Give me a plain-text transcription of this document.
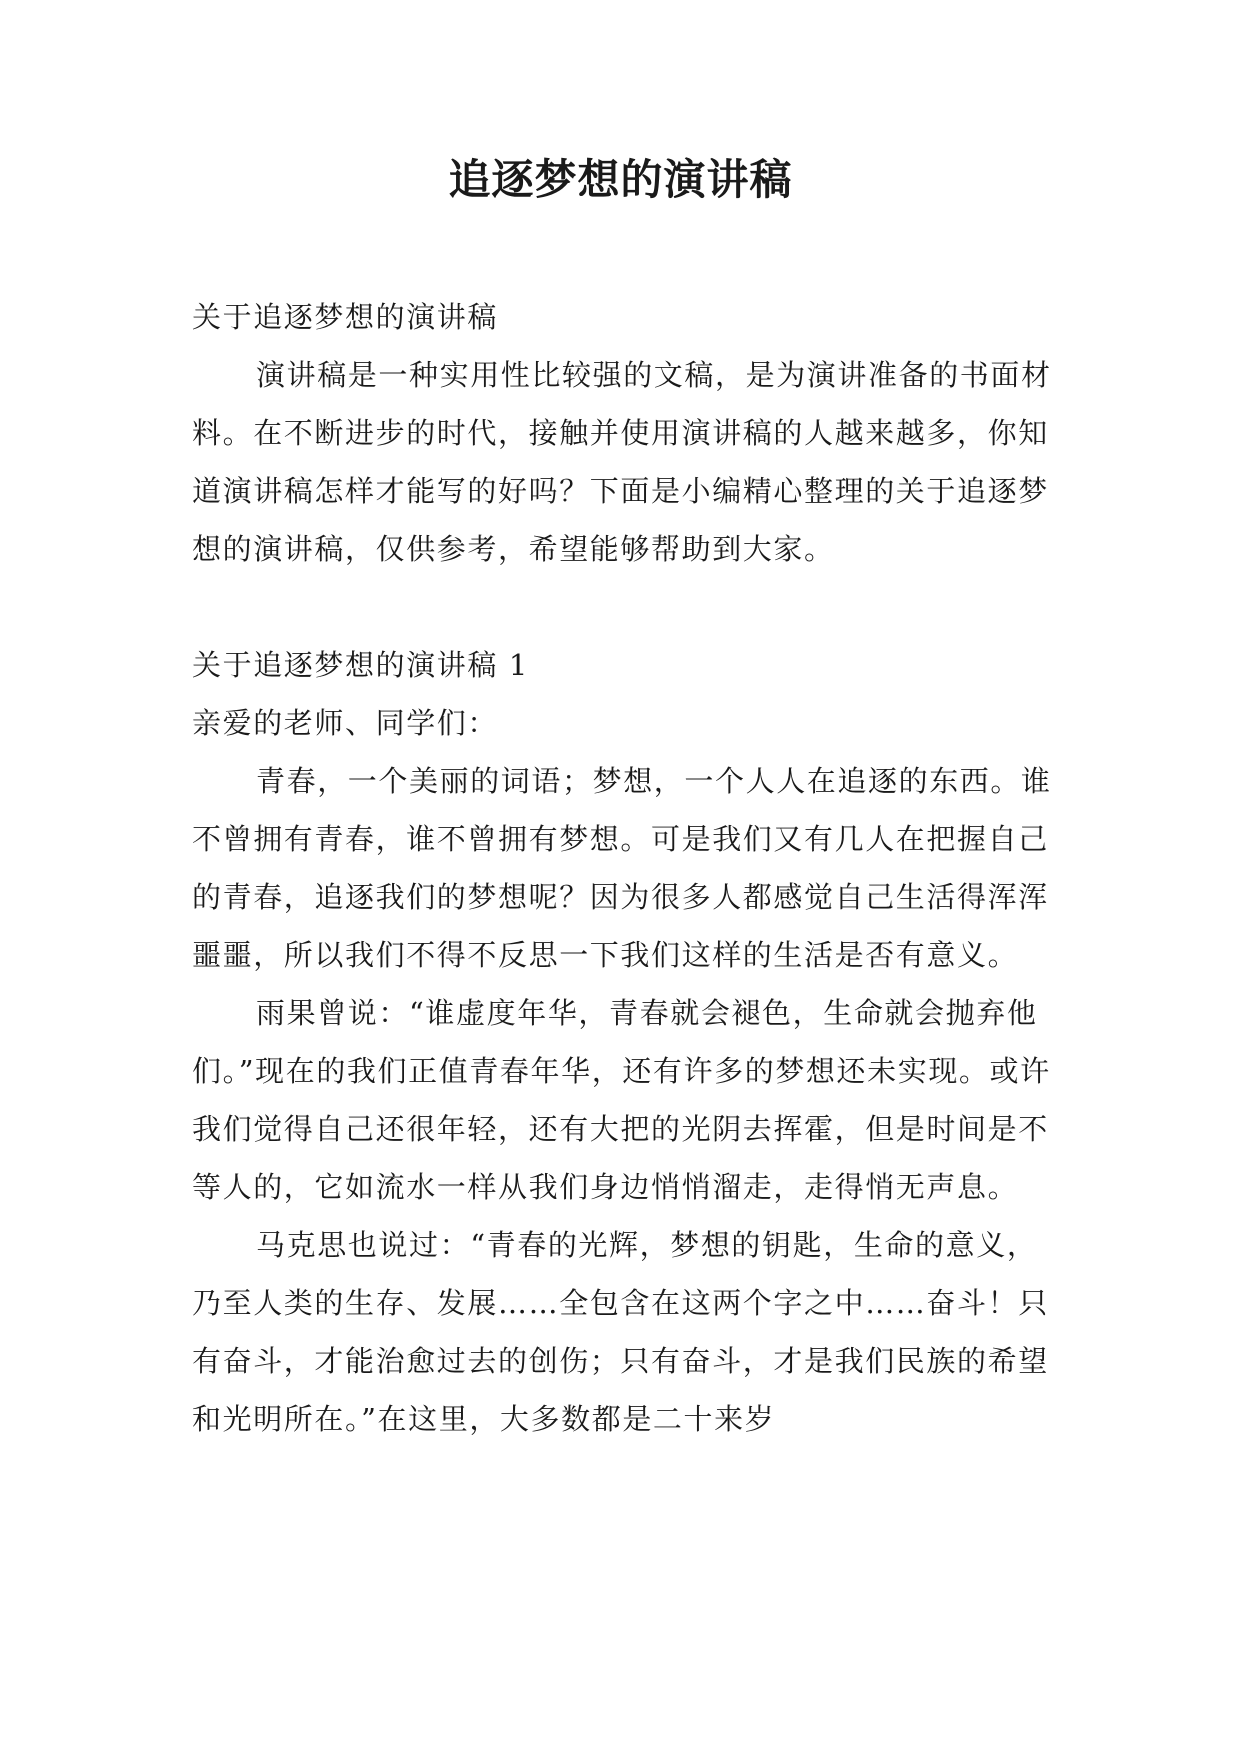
追逐梦想的演讲稿

关于追逐梦想的演讲稿

演讲稿是一种实用性比较强的文稿，是为演讲准备的书面材料。在不断进步的时代，接触并使用演讲稿的人越来越多，你知道演讲稿怎样才能写的好吗？下面是小编精心整理的关于追逐梦想的演讲稿，仅供参考，希望能够帮助到大家。

关于追逐梦想的演讲稿 1

亲爱的老师、同学们：

青春，一个美丽的词语；梦想，一个人人在追逐的东西。谁不曾拥有青春，谁不曾拥有梦想。可是我们又有几人在把握自己的青春，追逐我们的梦想呢？因为很多人都感觉自己生活得浑浑噩噩，所以我们不得不反思一下我们这样的生活是否有意义。

雨果曾说：“谁虚度年华，青春就会褪色，生命就会抛弃他们。”现在的我们正值青春年华，还有许多的梦想还未实现。或许我们觉得自己还很年轻，还有大把的光阴去挥霍，但是时间是不等人的，它如流水一样从我们身边悄悄溜走，走得悄无声息。

马克思也说过：“青春的光辉，梦想的钥匙，生命的意义，乃至人类的生存、发展……全包含在这两个字之中……奋斗！只有奋斗，才能治愈过去的创伤；只有奋斗，才是我们民族的希望和光明所在。”在这里，大多数都是二十来岁
